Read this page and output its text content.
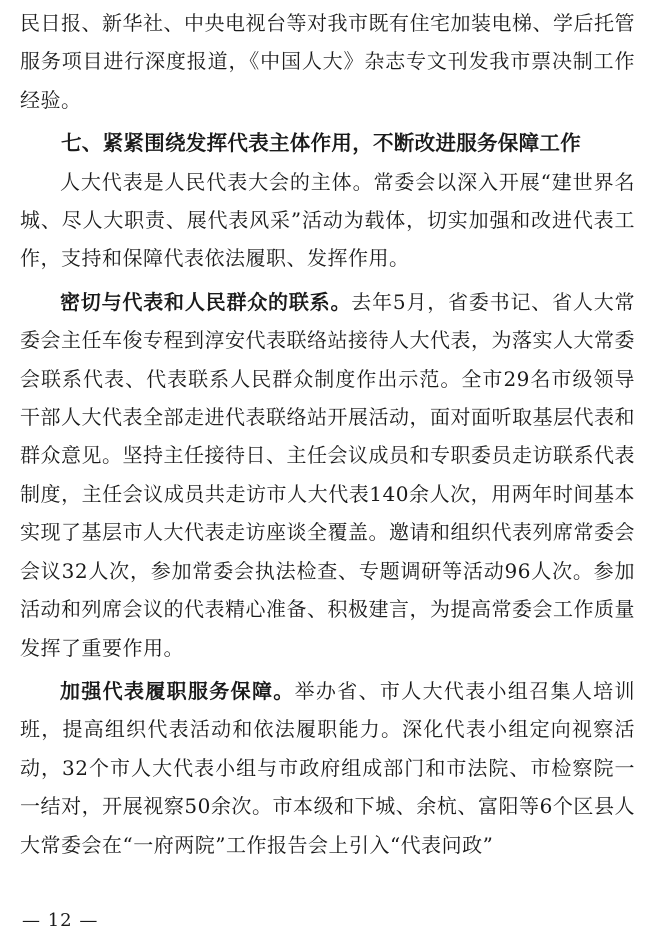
民日报、新华社、中央电视台等对我市既有住宅加装电梯、学后托管服务项目进行深度报道，《中国人大》杂志专文刊发我市票决制工作经验。

七、紧紧围绕发挥代表主体作用，不断改进服务保障工作

人大代表是人民代表大会的主体。常委会以深入开展“建世界名城、尽人大职责、展代表风采”活动为载体，切实加强和改进代表工作，支持和保障代表依法履职、发挥作用。

密切与代表和人民群众的联系。去年5月，省委书记、省人大常委会主任车俊专程到淳安代表联络站接待人大代表，为落实人大常委会联系代表、代表联系人民群众制度作出示范。全市29名市级领导干部人大代表全部走进代表联络站开展活动，面对面听取基层代表和群众意见。坚持主任接待日、主任会议成员和专职委员走访联系代表制度，主任会议成员共走访市人大代表140余人次，用两年时间基本实现了基层市人大代表走访座谈全覆盖。邀请和组织代表列席常委会会议32人次，参加常委会执法检查、专题调研等活动96人次。参加活动和列席会议的代表精心准备、积极建言，为提高常委会工作质量发挥了重要作用。

加强代表履职服务保障。举办省、市人大代表小组召集人培训班，提高组织代表活动和依法履职能力。深化代表小组定向视察活动，32个市人大代表小组与市政府组成部门和市法院、市检察院一一结对，开展视察50余次。市本级和下城、余杭、富阳等6个区县人大常委会在“一府两院”工作报告会上引入“代表问政”

— 12 —
